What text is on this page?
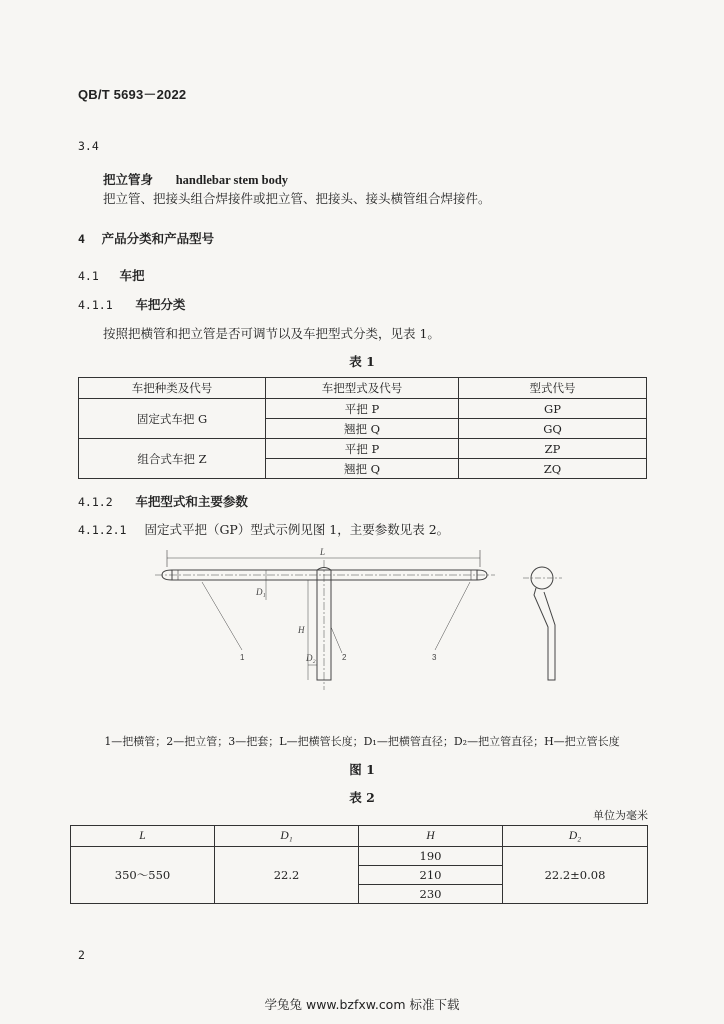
QB/T 5693－2022
3.4
把立管身 handlebar stem body
把立管、把接头组合焊接件或把立管、把接头、接头横管组合焊接件。
4 产品分类和产品型号
4.1 车把
4.1.1 车把分类
按照把横管和把立管是否可调节以及车把型式分类，见表 1。
表 1
车把种类及代号	车把型式及代号	型式代号
固定式车把 G	平把 P	GP
	翘把 Q	GQ
组合式车把 Z	平把 P	ZP
	翘把 Q	ZQ
4.1.2 车把型式和主要参数
4.1.2.1 固定式平把（GP）型式示例见图 1，主要参数见表 2。
L
D₁
H
D₂
1	2	3
1—把横管；2—把立管；3—把套；L—把横管长度；D₁—把横管直径；D₂—把立管直径；H—把立管长度
图 1
表 2
单位为毫米
L	D₁	H	D₂
350～550	22.2	190	22.2±0.08
		210	
		230	
2
学兔兔 www.bzfxw.com 标准下载
